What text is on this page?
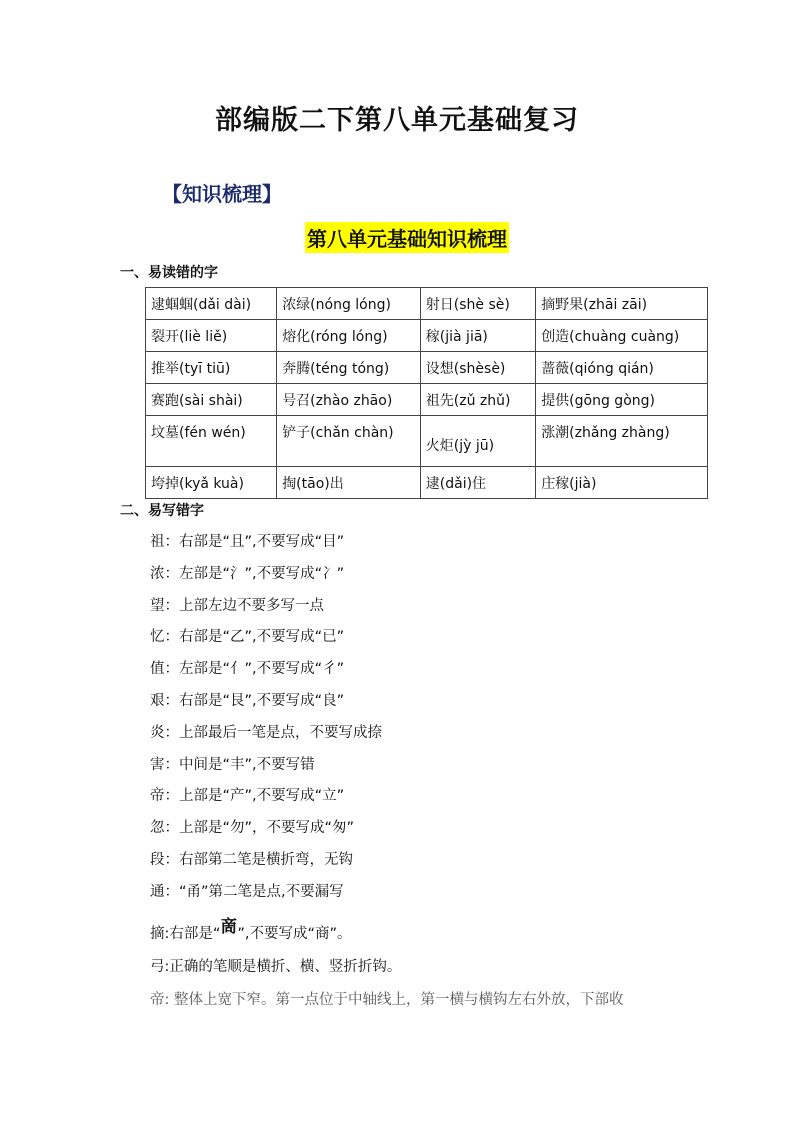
部编版二下第八单元基础复习
【知识梳理】
第八单元基础知识梳理
一、易读错的字
逮蝈蝈(dǎi dài)	浓绿(nóng lóng)	射日(shè sè)	摘野果(zhāi zāi)
裂开(liè liě)	熔化(róng lóng)	稼(jià jiā)	创造(chuàng cuàng)
推举(tyī tiū)	奔腾(téng tóng)	设想(shèsè)	蔷薇(qióng qián)
赛跑(sài shài)	号召(zhào zhāo)	祖先(zǔ zhǔ)	提供(gōng gòng)
坟墓(fén wén)	铲子(chǎn chàn)	火炬(jỳ jū)	涨潮(zhǎng zhàng)
垮掉(kyǎ kuà)	掏(tāo)出	逮(dǎi)住	庄稼(jià)
二、易写错字
祖：右部是“且”,不要写成“目”
浓：左部是“氵”,不要写成“冫”
望：上部左边不要多写一点
忆：右部是“乙”,不要写成“已”
值：左部是“亻”,不要写成“彳”
艰：右部是“艮”,不要写成“良”
炎：上部最后一笔是点，不要写成捺
害：中间是“丰”,不要写错
帝：上部是“产”,不要写成“立”
忽：上部是“勿”，不要写成“匆”
段：右部第二笔是横折弯，无钩
通：“甬”第二笔是点,不要漏写
摘:右部是“啇”,不要写成“商”。
弓:正确的笔顺是横折、横、竖折折钩。
帝: 整体上宽下窄。第一点位于中轴线上，第一横与横钩左右外放，下部收
